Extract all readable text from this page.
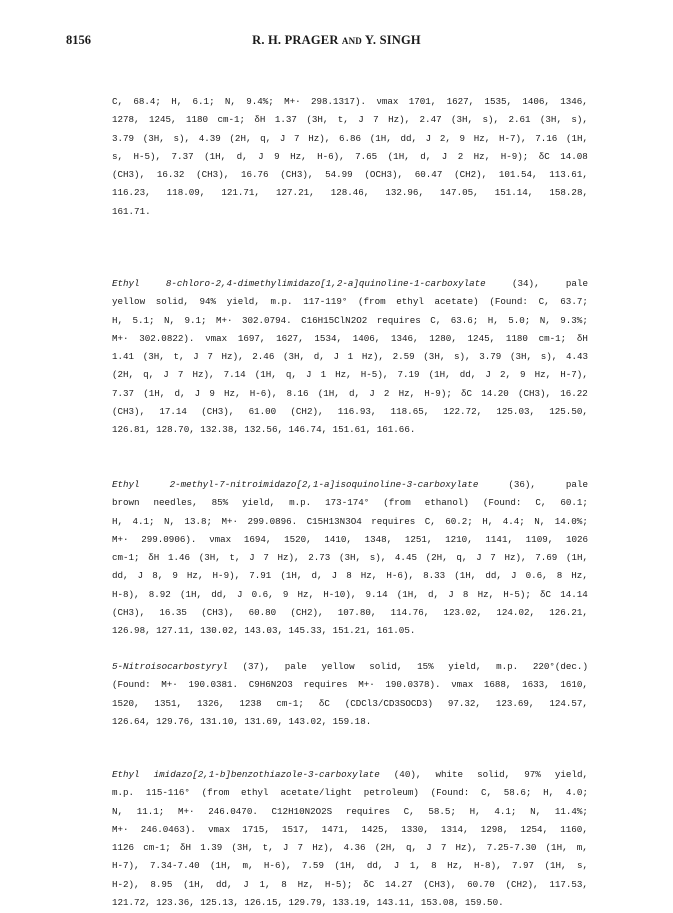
8156	R. H. PRAGER and Y. SINGH
C, 68.4; H, 6.1; N, 9.4%; M+· 298.1317). νmax 1701, 1627, 1535, 1406, 1346,
1278, 1245, 1180 cm-1; δH 1.37 (3H, t, J 7 Hz), 2.47 (3H, s), 2.61 (3H, s),
3.79 (3H, s), 4.39 (2H, q, J 7 Hz), 6.86 (1H, dd, J 2, 9 Hz, H-7), 7.16 (1H,
s, H-5), 7.37 (1H, d, J 9 Hz, H-6), 7.65 (1H, d, J 2 Hz, H-9); δC 14.08
(CH3), 16.32 (CH3), 16.76 (CH3), 54.99 (OCH3), 60.47 (CH2), 101.54, 113.61,
116.23, 118.09, 121.71, 127.21, 128.46, 132.96, 147.05, 151.14, 158.28,
161.71.
Ethyl	8-chloro-2,4-dimethylimidazo[1,2-a]quinoline-1-carboxylate	(34),	pale
yellow solid, 94% yield, m.p. 117-119° (from ethyl acetate) (Found: C, 63.7;
H, 5.1; N, 9.1; M+· 302.0794. C16H15ClN2O2 requires C, 63.6; H, 5.0; N, 9.3%;
M+· 302.0822). νmax 1697, 1627, 1534, 1406, 1346, 1280, 1245, 1180 cm-1; δH
1.41 (3H, t, J 7 Hz), 2.46 (3H, d, J 1 Hz), 2.59 (3H, s), 3.79 (3H, s), 4.43
(2H, q, J 7 Hz), 7.14 (1H, q, J 1 Hz, H-5), 7.19 (1H, dd, J 2, 9 Hz, H-7),
7.37 (1H, d, J 9 Hz, H-6), 8.16 (1H, d, J 2 Hz, H-9); δC 14.20 (CH3), 16.22
(CH3), 17.14 (CH3), 61.00 (CH2), 116.93, 118.65, 122.72, 125.03, 125.50,
126.81, 128.70, 132.38, 132.56, 146.74, 151.61, 161.66.
Ethyl	2-methyl-7-nitroimidazo[2,1-a]isoquinoline-3-carboxylate	(36),	pale
brown needles, 85% yield, m.p. 173-174° (from ethanol) (Found: C, 60.1;
H, 4.1; N, 13.8; M+· 299.0896. C15H13N3O4 requires C, 60.2; H, 4.4; N, 14.0%;
M+· 299.0906). νmax 1694, 1520, 1410, 1348, 1251, 1210, 1141, 1109, 1026
cm-1; δH 1.46 (3H, t, J 7 Hz), 2.73 (3H, s), 4.45 (2H, q, J 7 Hz), 7.69 (1H,
dd, J 8, 9 Hz, H-9), 7.91 (1H, d, J 8 Hz, H-6), 8.33 (1H, dd, J 0.6, 8 Hz,
H-8), 8.92 (1H, dd, J 0.6, 9 Hz, H-10), 9.14 (1H, d, J 8 Hz, H-5); δC 14.14
(CH3), 16.35 (CH3), 60.80 (CH2), 107.80, 114.76, 123.02, 124.02, 126.21,
126.98, 127.11, 130.02, 143.03, 145.33, 151.21, 161.05.
5-Nitroisocarbostyryl (37), pale yellow solid, 15% yield, m.p. 220°(dec.)
(Found: M+· 190.0381. C9H6N2O3 requires M+· 190.0378). νmax 1688, 1633, 1610,
1520, 1351, 1326, 1238 cm-1; δC (CDCl3/CD3SOCD3) 97.32, 123.69, 124.57,
126.64, 129.76, 131.10, 131.69, 143.02, 159.18.
Ethyl imidazo[2,1-b]benzothiazole-3-carboxylate (40), white solid, 97% yield,
m.p. 115-116° (from ethyl acetate/light petroleum) (Found: C, 58.6; H, 4.0;
N, 11.1; M+· 246.0470. C12H10N2O2S requires C, 58.5; H, 4.1; N, 11.4%;
M+· 246.0463). νmax 1715, 1517, 1471, 1425, 1330, 1314, 1298, 1254, 1160,
1126 cm-1; δH 1.39 (3H, t, J 7 Hz), 4.36 (2H, q, J 7 Hz), 7.25-7.30 (1H, m,
H-7), 7.34-7.40 (1H, m, H-6), 7.59 (1H, dd, J 1, 8 Hz, H-8), 7.97 (1H, s,
H-2), 8.95 (1H, dd, J 1, 8 Hz, H-5); δC 14.27 (CH3), 60.70 (CH2), 117.53,
121.72, 123.36, 125.13, 126.15, 129.79, 133.19, 143.11, 153.08, 159.50.
